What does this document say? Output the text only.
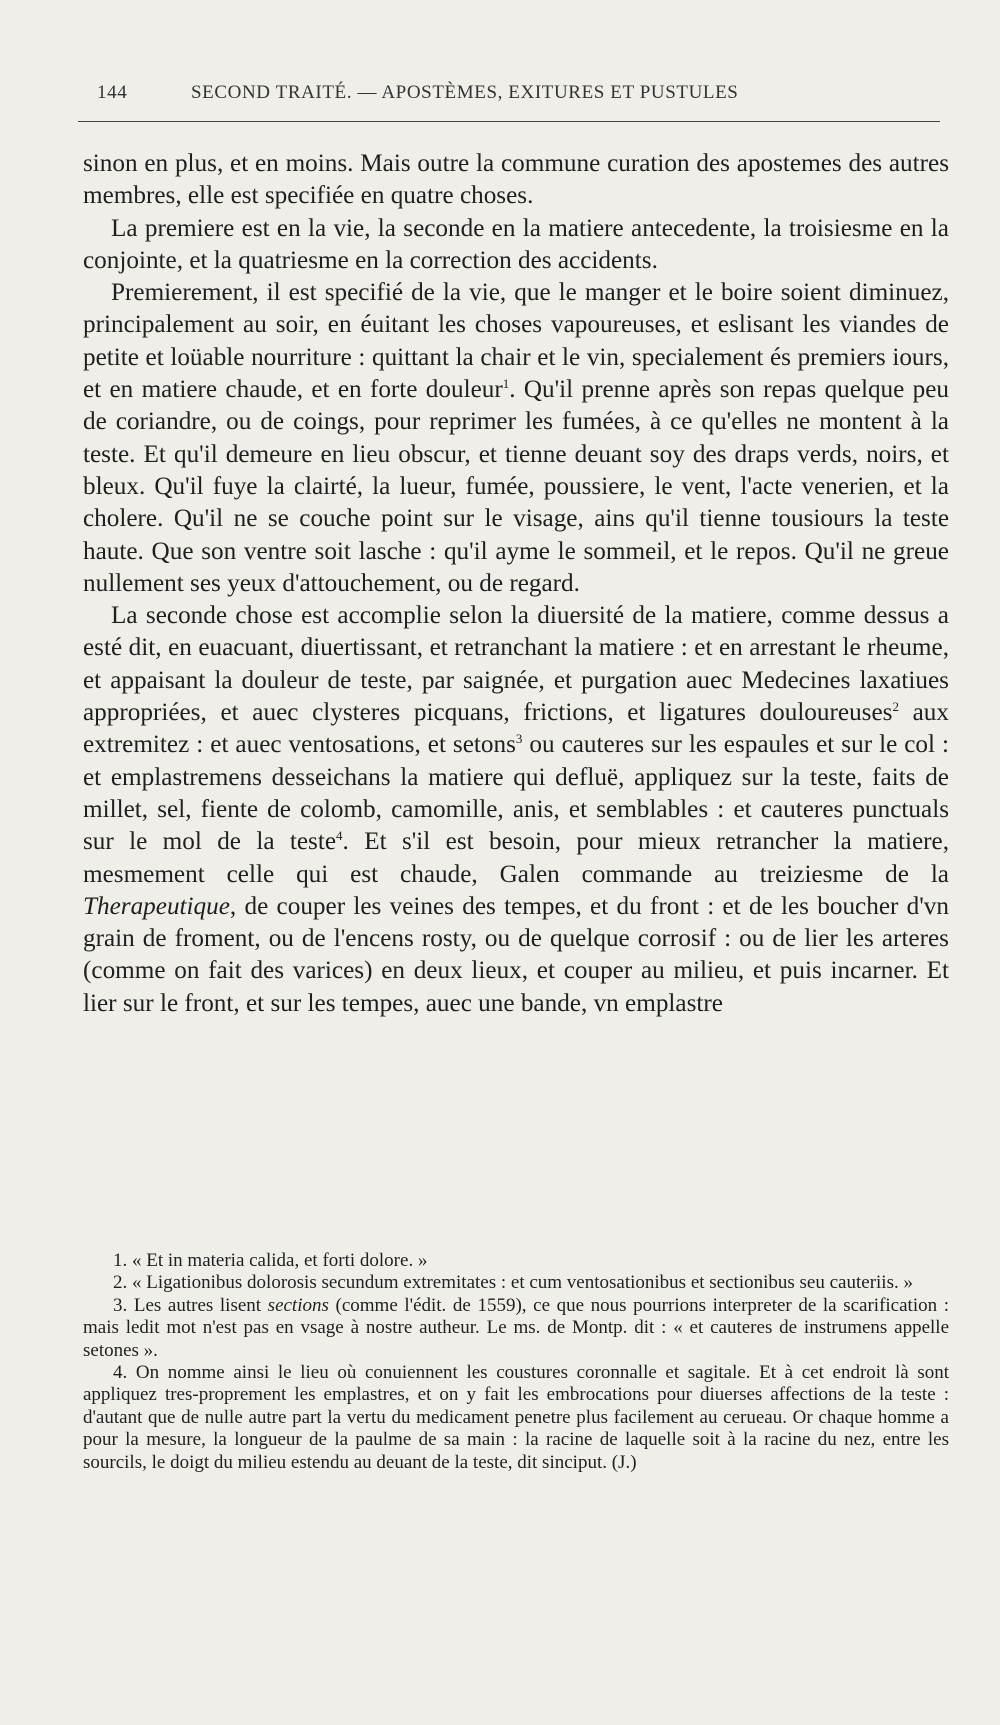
144	SECOND TRAITÉ. — APOSTÈMES, EXITURES ET PUSTULES

sinon en plus, et en moins. Mais outre la commune curation des apostemes des autres membres, elle est specifiée en quatre choses.

La premiere est en la vie, la seconde en la matiere antecedente, la troisiesme en la conjointe, et la quatriesme en la correction des accidents.

Premierement, il est specifié de la vie, que le manger et le boire soient diminuez, principalement au soir, en éuitant les choses vapoureuses, et eslisant les viandes de petite et loüable nourriture : quittant la chair et le vin, specialement és premiers iours, et en matiere chaude, et en forte douleur$^1$. Qu'il prenne après son repas quelque peu de coriandre, ou de coings, pour reprimer les fumées, à ce qu'elles ne montent à la teste. Et qu'il demeure en lieu obscur, et tienne deuant soy des draps verds, noirs, et bleux. Qu'il fuye la clairté, la lueur, fumée, poussiere, le vent, l'acte venerien, et la cholere. Qu'il ne se couche point sur le visage, ains qu'il tienne tousiours la teste haute. Que son ventre soit lasche : qu'il ayme le sommeil, et le repos. Qu'il ne greue nullement ses yeux d'attouchement, ou de regard.

La seconde chose est accomplie selon la diuersité de la matiere, comme dessus a esté dit, en euacuant, diuertissant, et retranchant la matiere : et en arrestant le rheume, et appaisant la douleur de teste, par saignée, et purgation auec Medecines laxatiues appropriées, et auec clysteres picquans, frictions, et ligatures douloureuses$^2$ aux extremitez : et auec ventosations, et setons$^3$ ou cauteres sur les espaules et sur le col : et emplastremens desseichans la matiere qui defluë, appliquez sur la teste, faits de millet, sel, fiente de colomb, camomille, anis, et semblables : et cauteres punctuals sur le mol de la teste$^4$. Et s'il est besoin, pour mieux retrancher la matiere, mesmement celle qui est chaude, Galen commande au treiziesme de la Therapeutique, de couper les veines des tempes, et du front : et de les boucher d'vn grain de froment, ou de l'encens rosty, ou de quelque corrosif : ou de lier les arteres (comme on fait des varices) en deux lieux, et couper au milieu, et puis incarner. Et lier sur le front, et sur les tempes, auec une bande, vn emplastre

1. « Et in materia calida, et forti dolore. »

2. « Ligationibus dolorosis secundum extremitates : et cum ventosationibus et sectionibus seu cauteriis. »

3. Les autres lisent sections (comme l'édit. de 1559), ce que nous pourrions interpreter de la scarification : mais ledit mot n'est pas en vsage à nostre autheur. Le ms. de Montp. dit : « et cauteres de instrumens appelle setones ».

4. On nomme ainsi le lieu où conuiennent les coustures coronnalle et sagitale. Et à cet endroit là sont appliquez tres-proprement les emplastres, et on y fait les embrocations pour diuerses affections de la teste : d'autant que de nulle autre part la vertu du medicament penetre plus facilement au cerueau. Or chaque homme a pour la mesure, la longueur de la paulme de sa main : la racine de laquelle soit à la racine du nez, entre les sourcils, le doigt du milieu estendu au deuant de la teste, dit sinciput. (J.)
